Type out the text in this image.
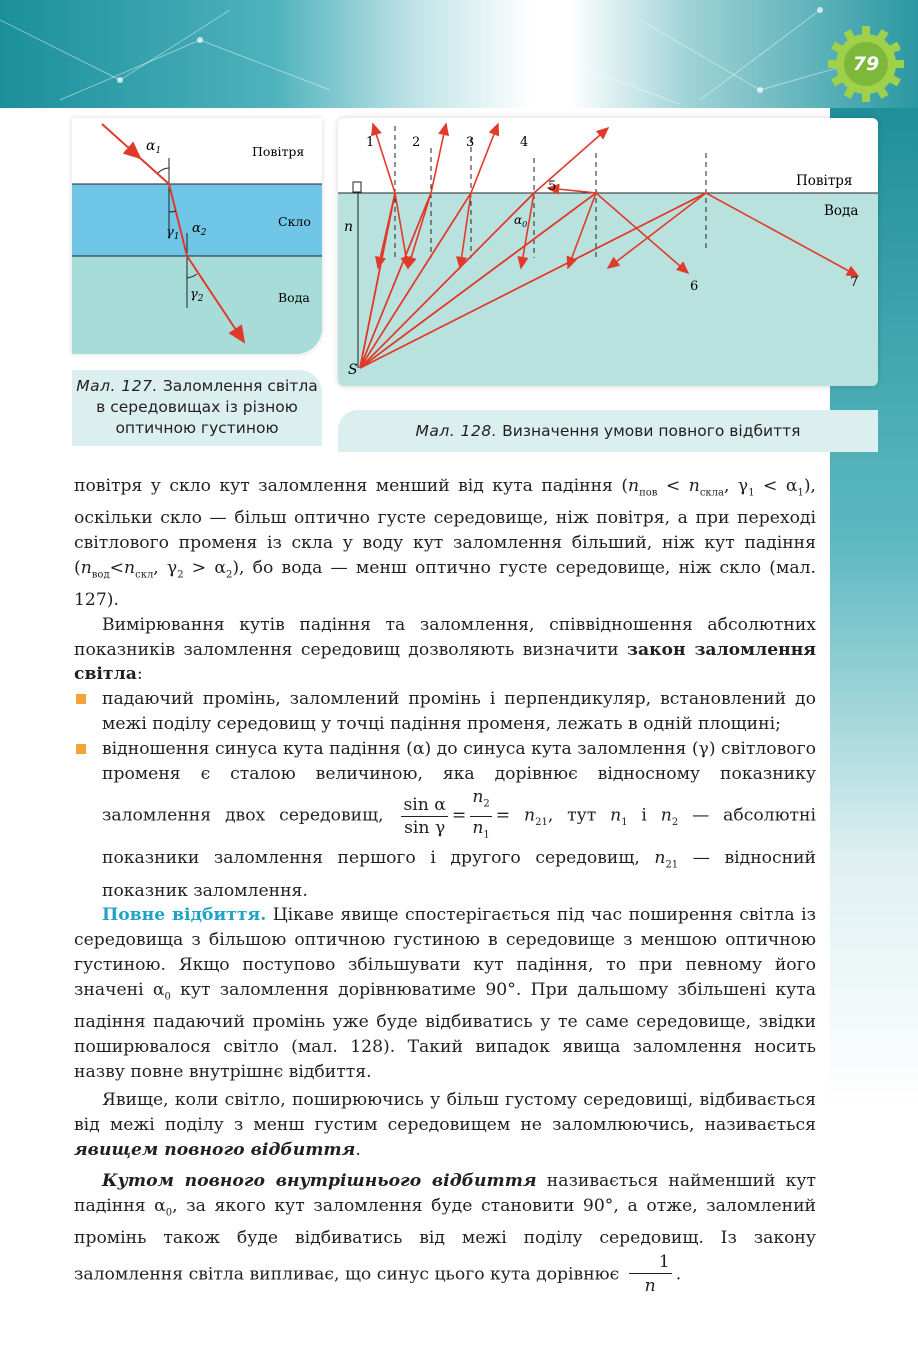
79
$\alpha_1$	Повітря
Скло
Вода
$\gamma_1$
$\alpha_2$
$\gamma_2$
Мал. 127. Заломлення світла в середовищах із різною оптичною густиною
1	2	3	4
5
6	7
Повітря
Вода
n
S
$\alpha_0$
Мал. 128. Визначення умови повного відбиття

повітря у скло кут заломлення менший від кута падіння ($n_{пов} < n_{скла}$, $\gamma_1 < \alpha_1$), оскільки скло — більш оптично густе середовище, ніж повітря, а при переході світлового променя із скла у воду кут заломлення більший, ніж кут падіння ($n_{вод}<n_{скл}$, $\gamma_2 > \alpha_2$), бо вода — менш оптично густе середовище, ніж скло (мал. 127).

Вимірювання кутів падіння та заломлення, співвідношення абсолютних показників заломлення середовищ дозволяють визначити закон заломлення світла:

падаючий промінь, заломлений промінь і перпендикуляр, встановлений до межі поділу середовищ у точці падіння променя, лежать в одній площині;

відношення синуса кута падіння (α) до синуса кута заломлення (γ) світлового променя є сталою величиною, яка дорівнює відносному показнику заломлення двох середовищ, $\frac{\text{sin α}}{\text{sin γ}} = \frac{n_2}{n_1} = n_{21}$, тут $n_1$ і $n_2$ — абсолютні показники заломлення першого і другого середовищ, $n_{21}$ — відносний показник заломлення.

Повне відбиття. Цікаве явище спостерігається під час поширення світла із середовища з більшою оптичною густиною в середовище з меншою оптичною густиною. Якщо поступово збільшувати кут падіння, то при певному його значені $\alpha_0$ кут заломлення дорівнюватиме 90°. При дальшому збільшені кута падіння падаючий промінь уже буде відбиватись у те саме середовище, звідки поширювалося світло (мал. 128). Такий випадок явища заломлення носить назву повне внутрішнє відбиття.

Явище, коли світло, поширюючись у більш густому середовищі, відбивається від межі поділу з менш густим середовищем не заломлюючись, називається явищем повного відбиття.

Кутом повного внутрішнього відбиття називається найменший кут падіння $\alpha_0$, за якого кут заломлення буде становити 90°, а отже, заломлений промінь також буде відбиватись від межі поділу середовищ. Із закону заломлення світла випливає, що синус цього кута дорівнює $\frac{1}{n}$ .
